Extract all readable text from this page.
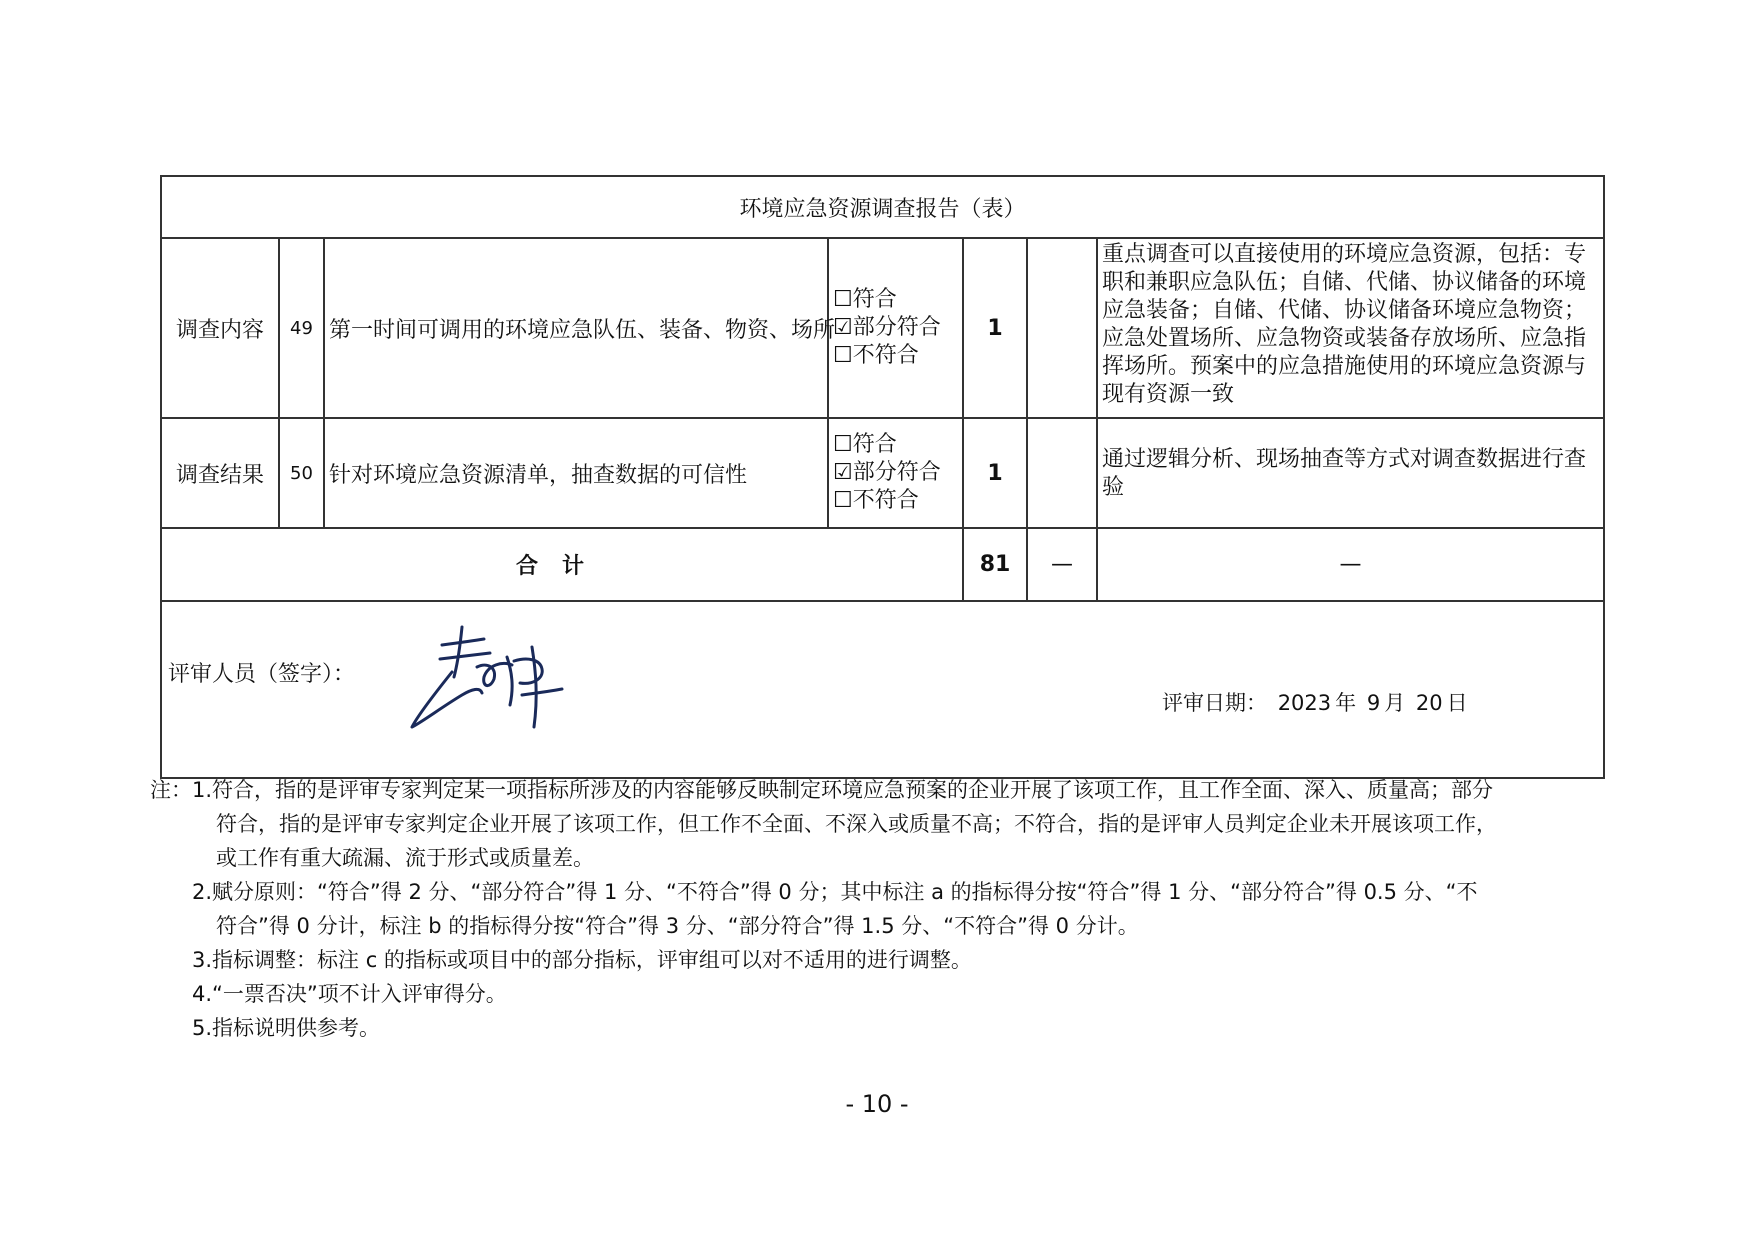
环境应急资源调查报告（表）						
调查内容	49	第一时间可调用的环境应急队伍、装备、物资、场所	☐符合
☑部分符合
☐不符合	1		重点调查可以直接使用的环境应急资源，包括：专职和兼职应急队伍；自储、代储、协议储备的环境应急装备；自储、代储、协议储备环境应急物资；应急处置场所、应急物资或装备存放场所、应急指挥场所。预案中的应急措施使用的环境应急资源与现有资源一致
调查结果	50	针对环境应急资源清单，抽查数据的可信性	☐符合
☑部分符合
☐不符合	1		通过逻辑分析、现场抽查等方式对调查数据进行查验
合计				81	—	—

评审人员（签字）：
评审日期： 2023 年 9 月 20 日						
注：1.符合，指的是评审专家判定某一项指标所涉及的内容能够反映制定环境应急预案的企业开展了该项工作，且工作全面、深入、质量高；部分
符合，指的是评审专家判定企业开展了该项工作，但工作不全面、不深入或质量不高；不符合，指的是评审人员判定企业未开展该项工作，
或工作有重大疏漏、流于形式或质量差。
2.赋分原则：“符合”得 2 分、“部分符合”得 1 分、“不符合”得 0 分；其中标注 a 的指标得分按“符合”得 1 分、“部分符合”得 0.5 分、“不
符合”得 0 分计，标注 b 的指标得分按“符合”得 3 分、“部分符合”得 1.5 分、“不符合”得 0 分计。
3.指标调整：标注 c 的指标或项目中的部分指标，评审组可以对不适用的进行调整。
4.“一票否决”项不计入评审得分。
5.指标说明供参考。
- 10 -
